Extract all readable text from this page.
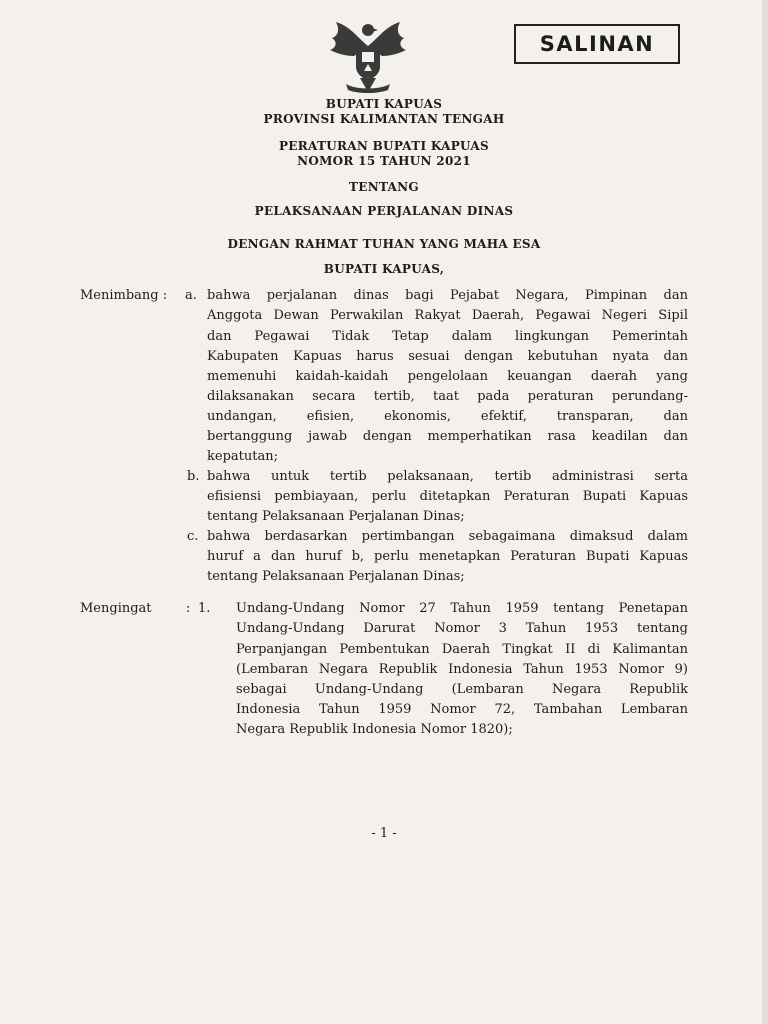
SALINAN
BUPATI KAPUAS
PROVINSI KALIMANTAN TENGAH
PERATURAN BUPATI KAPUAS
NOMOR 15 TAHUN 2021
TENTANG
PELAKSANAAN PERJALANAN DINAS
DENGAN RAHMAT TUHAN YANG MAHA ESA
BUPATI KAPUAS,
Menimbang : a. bahwa perjalanan dinas bagi Pejabat Negara, Pimpinan dan
Anggota Dewan Perwakilan Rakyat Daerah, Pegawai Negeri Sipil
dan Pegawai Tidak Tetap dalam lingkungan Pemerintah
Kabupaten Kapuas harus sesuai dengan kebutuhan nyata dan
memenuhi kaidah-kaidah pengelolaan keuangan daerah yang
dilaksanakan secara tertib, taat pada peraturan perundang-
undangan, efisien, ekonomis, efektif, transparan, dan
bertanggung jawab dengan memperhatikan rasa keadilan dan
kepatutan;
b. bahwa untuk tertib pelaksanaan, tertib administrasi serta
efisiensi pembiayaan, perlu ditetapkan Peraturan Bupati Kapuas
tentang Pelaksanaan Perjalanan Dinas;
c. bahwa berdasarkan pertimbangan sebagaimana dimaksud dalam
huruf a dan huruf b, perlu menetapkan Peraturan Bupati Kapuas
tentang Pelaksanaan Perjalanan Dinas;
Mengingat	: 1. Undang-Undang Nomor 27 Tahun 1959 tentang Penetapan
Undang-Undang Darurat Nomor 3 Tahun 1953 tentang
Perpanjangan Pembentukan Daerah Tingkat II di Kalimantan
(Lembaran Negara Republik Indonesia Tahun 1953 Nomor 9)
sebagai Undang-Undang (Lembaran Negara Republik
Indonesia Tahun 1959 Nomor 72, Tambahan Lembaran
Negara Republik Indonesia Nomor 1820);
- 1 -
